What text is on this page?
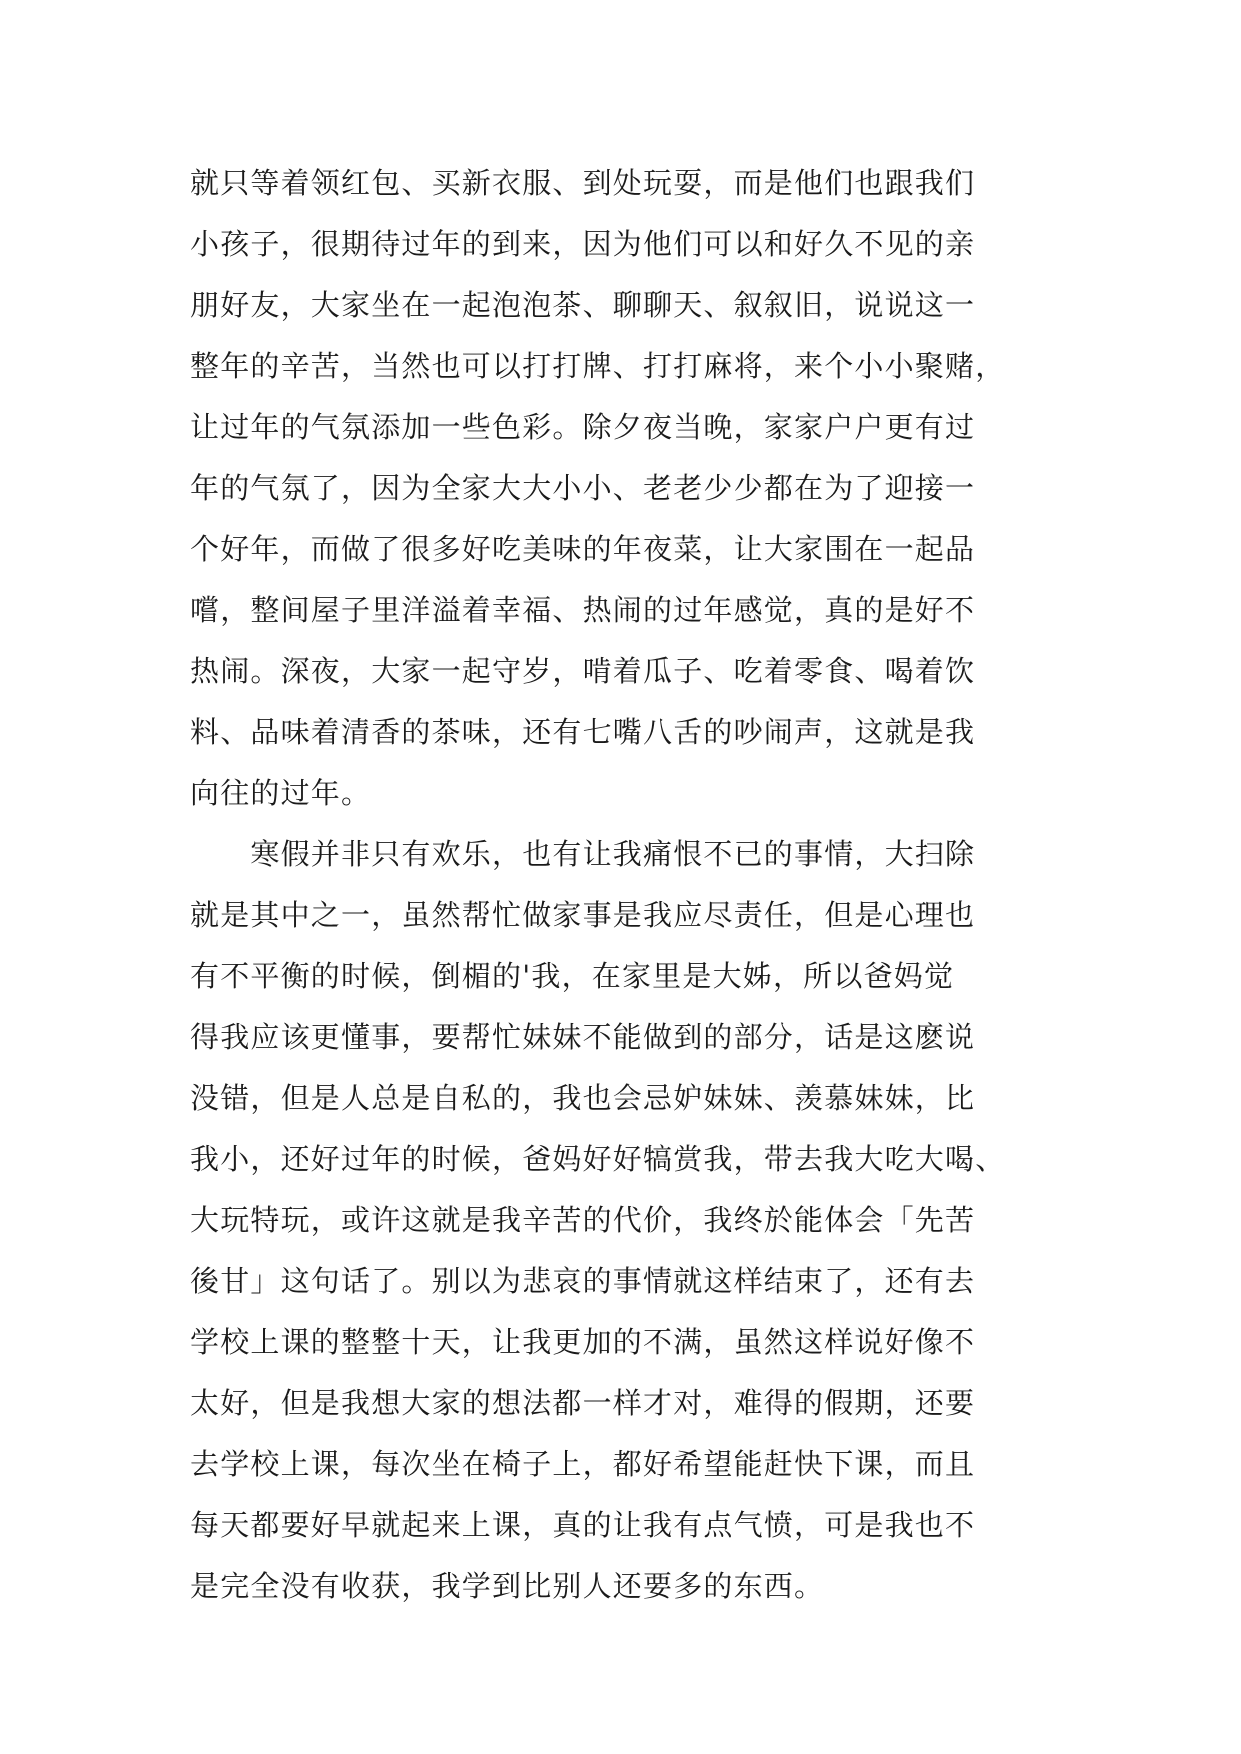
就只等着领红包、买新衣服、到处玩耍，而是他们也跟我们
小孩子，很期待过年的到来，因为他们可以和好久不见的亲
朋好友，大家坐在一起泡泡茶、聊聊天、叙叙旧，说说这一
整年的辛苦，当然也可以打打牌、打打麻将，来个小小聚赌，
让过年的气氛添加一些色彩。除夕夜当晚，家家户户更有过
年的气氛了，因为全家大大小小、老老少少都在为了迎接一
个好年，而做了很多好吃美味的年夜菜，让大家围在一起品
嚐，整间屋子里洋溢着幸福、热闹的过年感觉，真的是好不
热闹。深夜，大家一起守岁，啃着瓜子、吃着零食、喝着饮
料、品味着清香的茶味，还有七嘴八舌的吵闹声，这就是我
向往的过年。
　　寒假并非只有欢乐，也有让我痛恨不已的事情，大扫除
就是其中之一，虽然帮忙做家事是我应尽责任，但是心理也
有不平衡的时候，倒楣的'我，在家里是大姊，所以爸妈觉
得我应该更懂事，要帮忙妹妹不能做到的部分，话是这麽说
没错，但是人总是自私的，我也会忌妒妹妹、羡慕妹妹，比
我小，还好过年的时候，爸妈好好犒赏我，带去我大吃大喝、
大玩特玩，或许这就是我辛苦的代价，我终於能体会「先苦
後甘」这句话了。别以为悲哀的事情就这样结束了，还有去
学校上课的整整十天，让我更加的不满，虽然这样说好像不
太好，但是我想大家的想法都一样才对，难得的假期，还要
去学校上课，每次坐在椅子上，都好希望能赶快下课，而且
每天都要好早就起来上课，真的让我有点气愤，可是我也不
是完全没有收获，我学到比别人还要多的东西。
